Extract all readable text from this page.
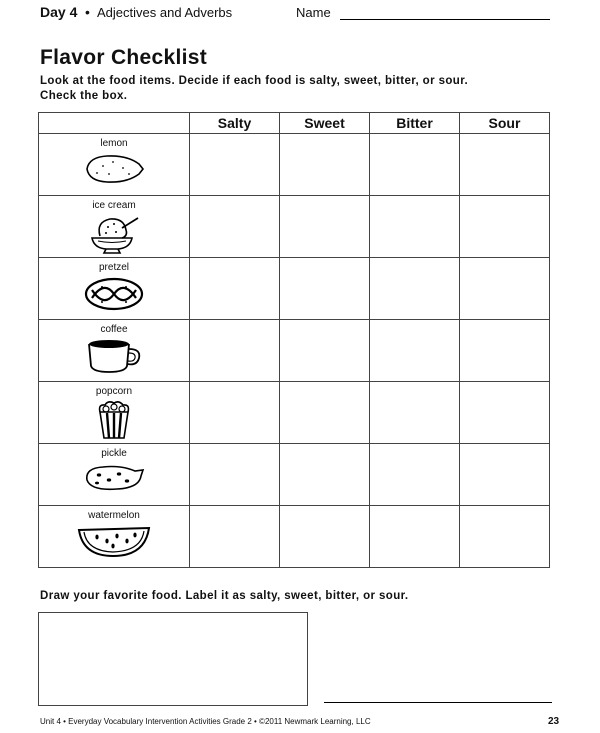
Day 4 • Adjectives and Adverbs	Name
Flavor Checklist
Look at the food items. Decide if each food is salty, sweet, bitter, or sour.
Check the box.
	Salty	Sweet	Bitter	Sour

lemon				

ice cream				

pretzel				

coffee				

popcorn				

pickle				

watermelon				

Draw your favorite food. Label it as salty, sweet, bitter, or sour.
Unit 4 • Everyday Vocabulary Intervention Activities Grade 2 • ©2011 Newmark Learning, LLC	23
